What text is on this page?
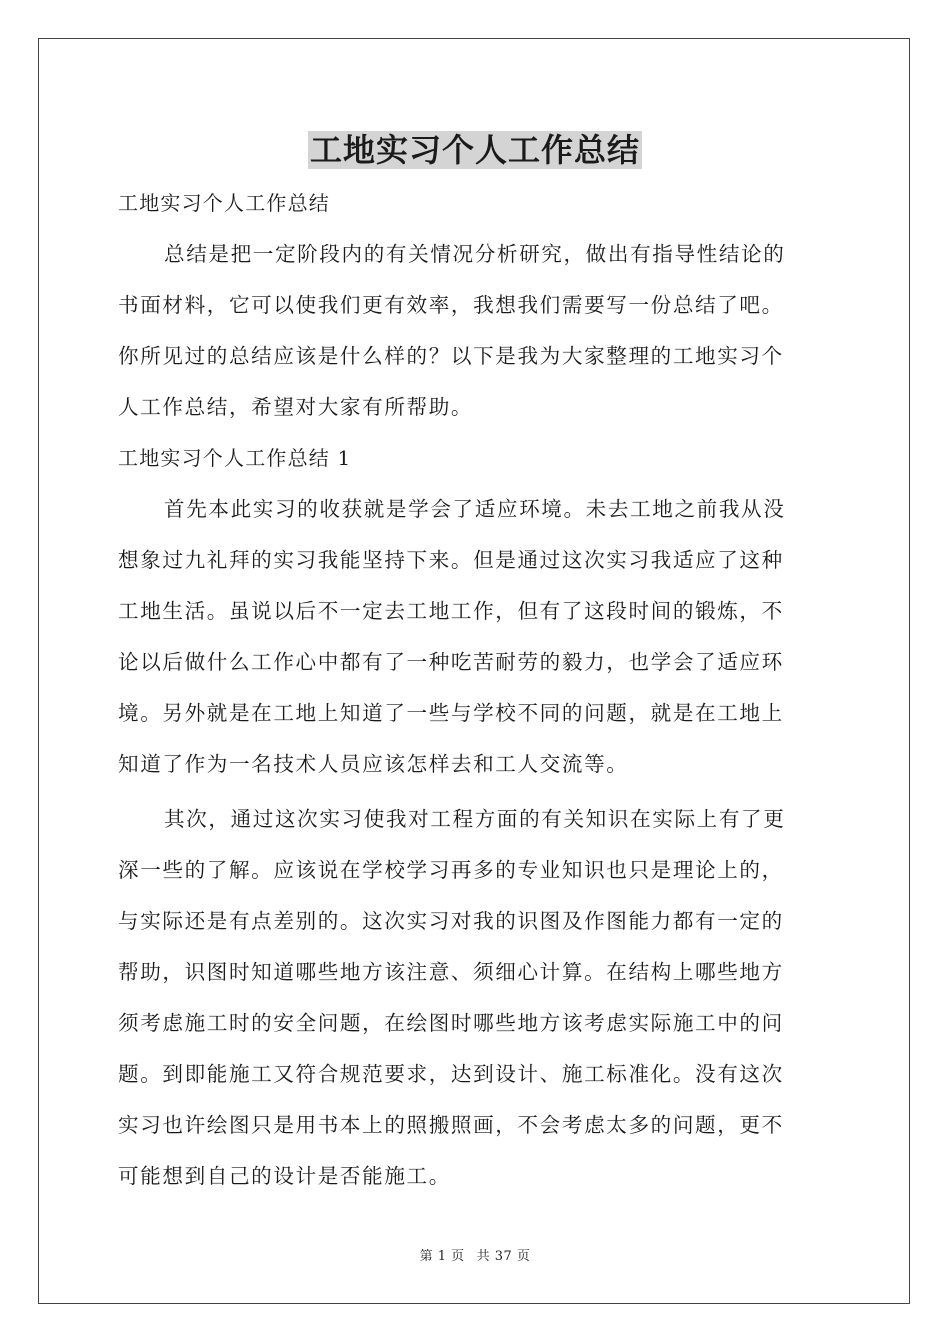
工地实习个人工作总结

工地实习个人工作总结

总结是把一定阶段内的有关情况分析研究，做出有指导性结论的

书面材料，它可以使我们更有效率，我想我们需要写一份总结了吧。

你所见过的总结应该是什么样的？以下是我为大家整理的工地实习个

人工作总结，希望对大家有所帮助。

工地实习个人工作总结 1

首先本此实习的收获就是学会了适应环境。未去工地之前我从没

想象过九礼拜的实习我能坚持下来。但是通过这次实习我适应了这种

工地生活。虽说以后不一定去工地工作，但有了这段时间的锻炼，不

论以后做什么工作心中都有了一种吃苦耐劳的毅力，也学会了适应环

境。另外就是在工地上知道了一些与学校不同的问题，就是在工地上

知道了作为一名技术人员应该怎样去和工人交流等。

其次，通过这次实习使我对工程方面的有关知识在实际上有了更

深一些的了解。应该说在学校学习再多的专业知识也只是理论上的，

与实际还是有点差别的。这次实习对我的识图及作图能力都有一定的

帮助，识图时知道哪些地方该注意、须细心计算。在结构上哪些地方

须考虑施工时的安全问题，在绘图时哪些地方该考虑实际施工中的问

题。到即能施工又符合规范要求，达到设计、施工标准化。没有这次

实习也许绘图只是用书本上的照搬照画，不会考虑太多的问题，更不

可能想到自己的设计是否能施工。

第 1 页 共 37 页
